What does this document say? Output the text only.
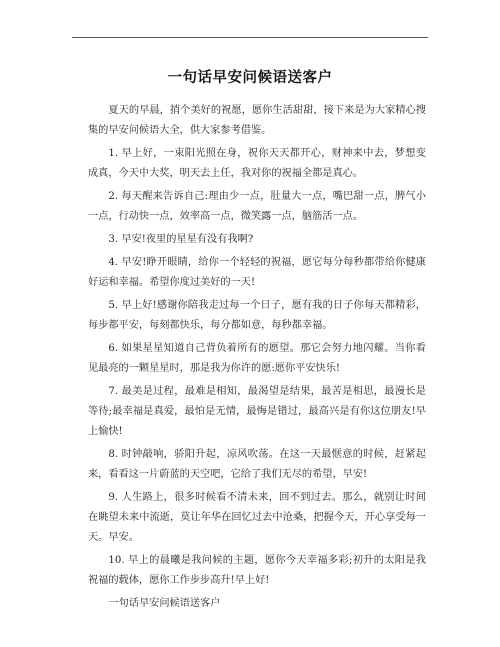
一句话早安问候语送客户

夏天的早晨，捎个美好的祝愿，愿你生活甜甜，接下来是为大家精心搜集的早安问候语大全，供大家参考借鉴。

1. 早上好，一束阳光照在身，祝你天天都开心，财神来中去，梦想变成真，今天中大奖，明天去上任，我对你的祝福全都是真心。

2. 每天醒来告诉自己:理由少一点，肚量大一点，嘴巴甜一点，脾气小一点，行动快一点，效率高一点，微笑露一点，脑筋活一点。

3. 早安!夜里的星星有没有我啊?

4. 早安!睁开眼睛，给你一个轻轻的祝福，愿它每分每秒都带给你健康好运和幸福。希望你度过美好的一天!

5. 早上好!感谢你陪我走过每一个日子，愿有我的日子你每天都精彩，每步都平安，每刻都快乐，每分都如意，每秒都幸福。

6. 如果星星知道自己背负着所有的愿望。那它会努力地闪耀。当你看见最亮的一颗星星时，那是我为你许的愿:愿你平安快乐!

7. 最美是过程，最难是相知，最渴望是结果，最苦是相思，最漫长是等待;最幸福是真爱，最怕是无情，最悔是错过，最高兴是有你这位朋友!早上愉快!

8. 时钟敲响，骄阳升起，凉风吹荡。在这一天最惬意的时候，赶紧起来，看看这一片蔚蓝的天空吧，它给了我们无尽的希望，早安!

9. 人生路上，很多时候看不清未来，回不到过去。那么，就别让时间在眺望未来中流逝，莫让年华在回忆过去中沧桑，把握今天，开心享受每一天。早安。

10. 早上的晨曦是我问候的主题，愿你今天幸福多彩;初升的太阳是我祝福的载体，愿你工作步步高升!早上好!

一句话早安问候语送客户
